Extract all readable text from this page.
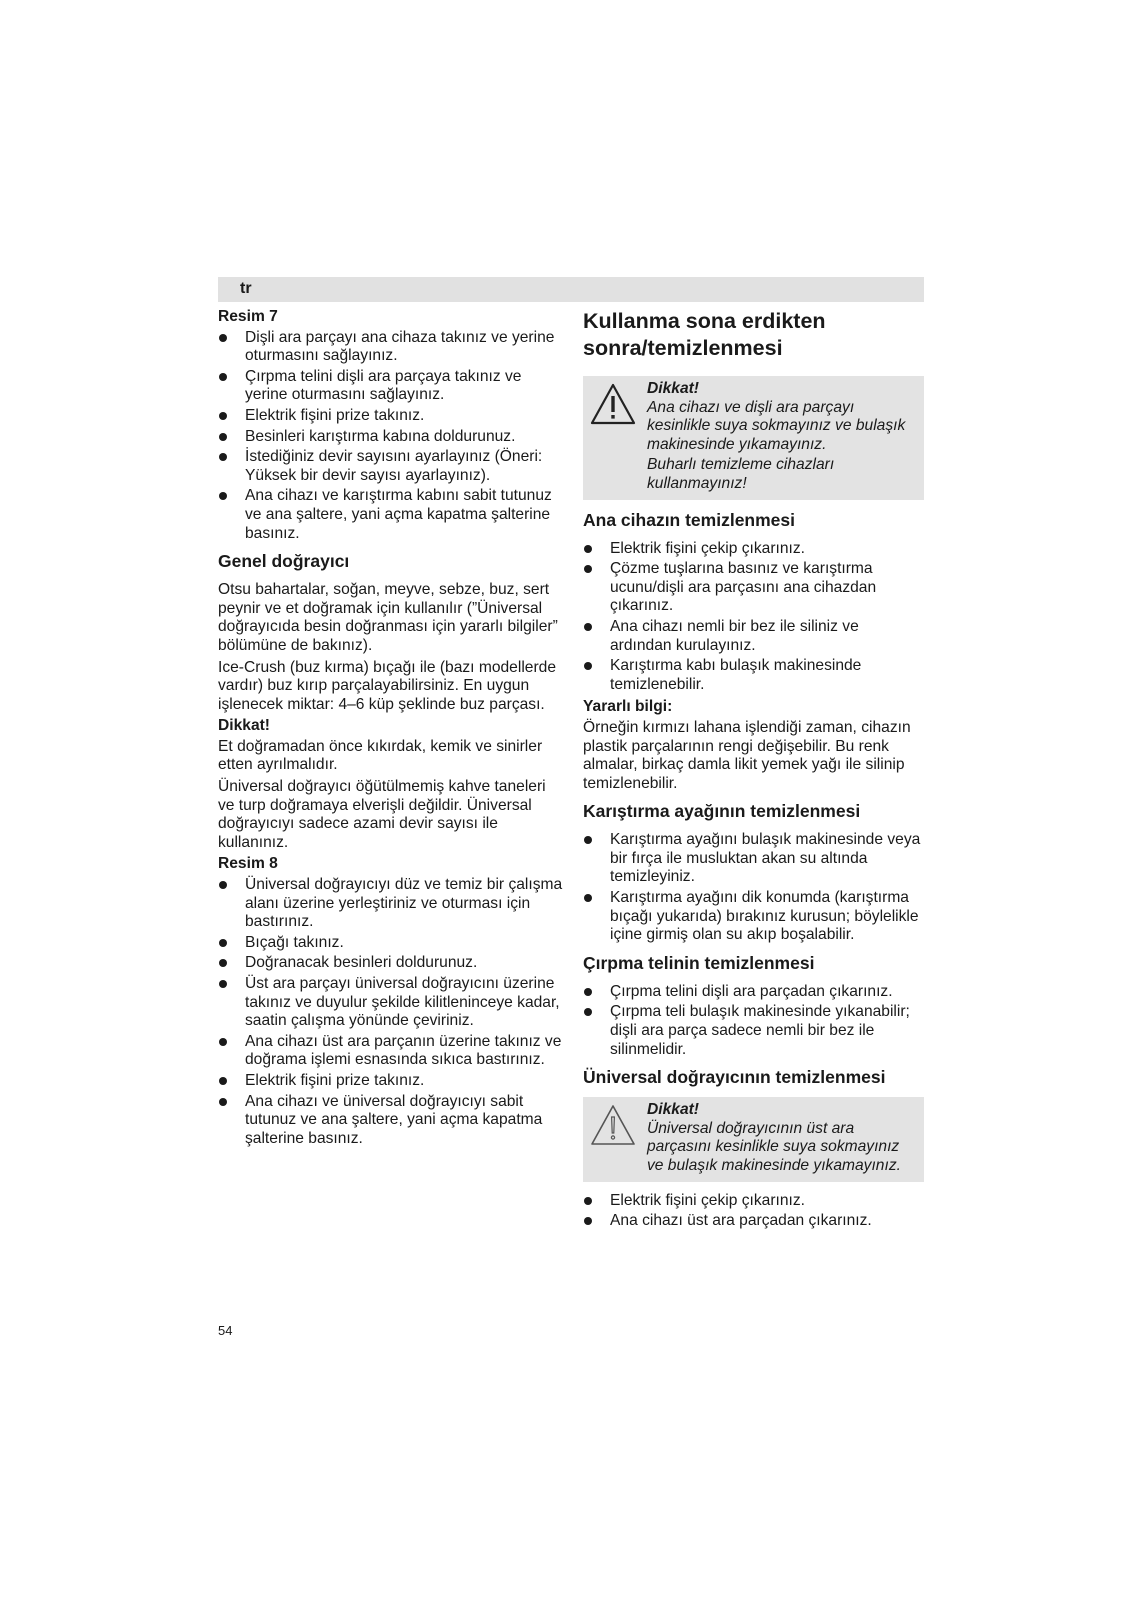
tr
Resim 7
Dişli ara parçayı ana cihaza takınız ve yerine oturmasını sağlayınız.
Çırpma telini dişli ara parçaya takınız ve yerine oturmasını sağlayınız.
Elektrik fişini prize takınız.
Besinleri karıştırma kabına doldurunuz.
İstediğiniz devir sayısını ayarlayınız (Öneri: Yüksek bir devir sayısı ayarlayınız).
Ana cihazı ve karıştırma kabını sabit tutunuz ve ana şaltere, yani açma kapatma şalterine basınız.
Genel doğrayıcı

Otsu bahartalar, soğan, meyve, sebze, buz, sert peynir ve et doğramak için kullanılır (”Üniversal doğrayıcıda besin doğranması için yararlı bilgiler” bölümüne de bakınız).

Ice-Crush (buz kırma) bıçağı ile (bazı modellerde vardır) buz kırıp parçalayabilirsiniz. En uygun işlenecek miktar: 4–6 küp şeklinde buz parçası.

Dikkat!

Et doğramadan önce kıkırdak, kemik ve sinirler etten ayrılmalıdır.

Üniversal doğrayıcı öğütülmemiş kahve taneleri ve turp doğramaya elverişli değildir. Üniversal doğrayıcıyı sadece azami devir sayısı ile kullanınız.

Resim 8
Üniversal doğrayıcıyı düz ve temiz bir çalışma alanı üzerine yerleştiriniz ve oturması için bastırınız.
Bıçağı takınız.
Doğranacak besinleri doldurunuz.
Üst ara parçayı üniversal doğrayıcını üzerine takınız ve duyulur şekilde kilitleninceye kadar, saatin çalışma yönünde çeviriniz.
Ana cihazı üst ara parçanın üzerine takınız ve doğrama işlemi esnasında sıkıca bastırınız.
Elektrik fişini prize takınız.
Ana cihazı ve üniversal doğrayıcıyı sabit tutunuz ve ana şaltere, yani açma kapatma şalterine basınız.
Kullanma sona erdikten sonra/temizlenmesi
Dikkat!

Ana cihazı ve dişli ara parçayı kesinlikle suya sokmayınız ve bulaşık makinesinde yıkamayınız.

Buharlı temizleme cihazları kullanmayınız!

Ana cihazın temizlenmesi
Elektrik fişini çekip çıkarınız.
Çözme tuşlarına basınız ve karıştırma ucunu/dişli ara parçasını ana cihazdan çıkarınız.
Ana cihazı nemli bir bez ile siliniz ve ardından kurulayınız.
Karıştırma kabı bulaşık makinesinde temizlenebilir.
Yararlı bilgi:

Örneğin kırmızı lahana işlendiği zaman, cihazın plastik parçalarının rengi değişebilir. Bu renk almalar, birkaç damla likit yemek yağı ile silinip temizlenebilir.

Karıştırma ayağının temizlenmesi
Karıştırma ayağını bulaşık makinesinde veya bir fırça ile musluktan akan su altında temizleyiniz.
Karıştırma ayağını dik konumda (karıştırma bıçağı yukarıda) bırakınız kurusun; böylelikle içine girmiş olan su akıp boşalabilir.
Çırpma telinin temizlenmesi
Çırpma telini dişli ara parçadan çıkarınız.
Çırpma teli bulaşık makinesinde yıkanabilir; dişli ara parça sadece nemli bir bez ile silinmelidir.
Üniversal doğrayıcının temizlenmesi
Dikkat!

Üniversal doğrayıcının üst ara parçasını kesinlikle suya sokmayınız ve bulaşık makinesinde yıkamayınız.

Elektrik fişini çekip çıkarınız.
Ana cihazı üst ara parçadan çıkarınız.
54
